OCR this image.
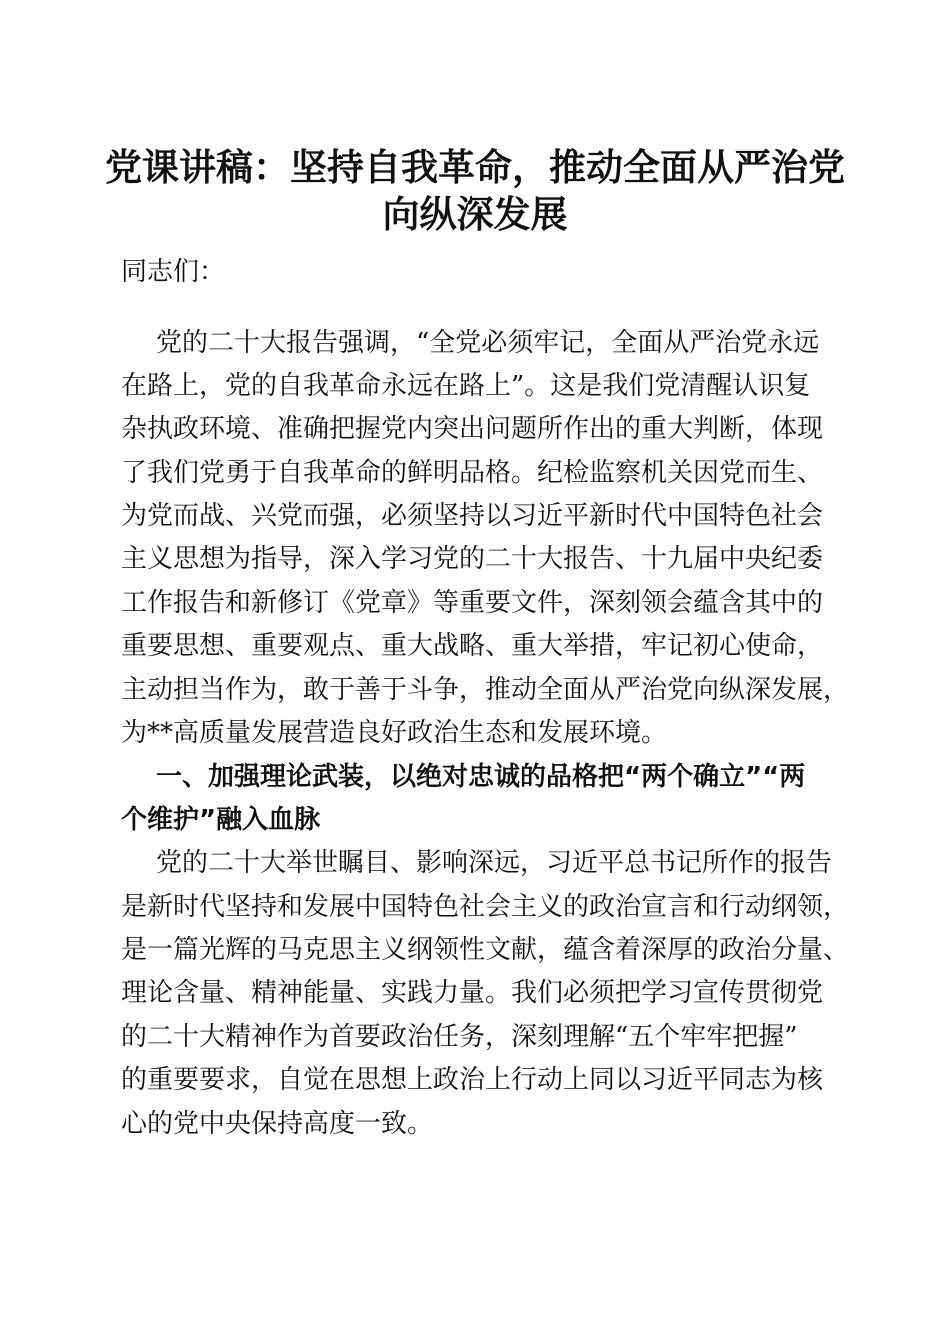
党课讲稿：坚持自我革命，推动全面从严治党
向纵深发展
同志们：
党的二十大报告强调，“全党必须牢记，全面从严治党永远
在路上，党的自我革命永远在路上”。这是我们党清醒认识复
杂执政环境、准确把握党内突出问题所作出的重大判断，体现
了我们党勇于自我革命的鲜明品格。纪检监察机关因党而生、
为党而战、兴党而强，必须坚持以习近平新时代中国特色社会
主义思想为指导，深入学习党的二十大报告、十九届中央纪委
工作报告和新修订《党章》等重要文件，深刻领会蕴含其中的
重要思想、重要观点、重大战略、重大举措，牢记初心使命，
主动担当作为，敢于善于斗争，推动全面从严治党向纵深发展，
为**高质量发展营造良好政治生态和发展环境。
一、加强理论武装，以绝对忠诚的品格把“两个确立”“两
个维护”融入血脉
党的二十大举世瞩目、影响深远，习近平总书记所作的报告
是新时代坚持和发展中国特色社会主义的政治宣言和行动纲领，
是一篇光辉的马克思主义纲领性文献，蕴含着深厚的政治分量、
理论含量、精神能量、实践力量。我们必须把学习宣传贯彻党
的二十大精神作为首要政治任务，深刻理解“五个牢牢把握”
的重要要求，自觉在思想上政治上行动上同以习近平同志为核
心的党中央保持高度一致。
